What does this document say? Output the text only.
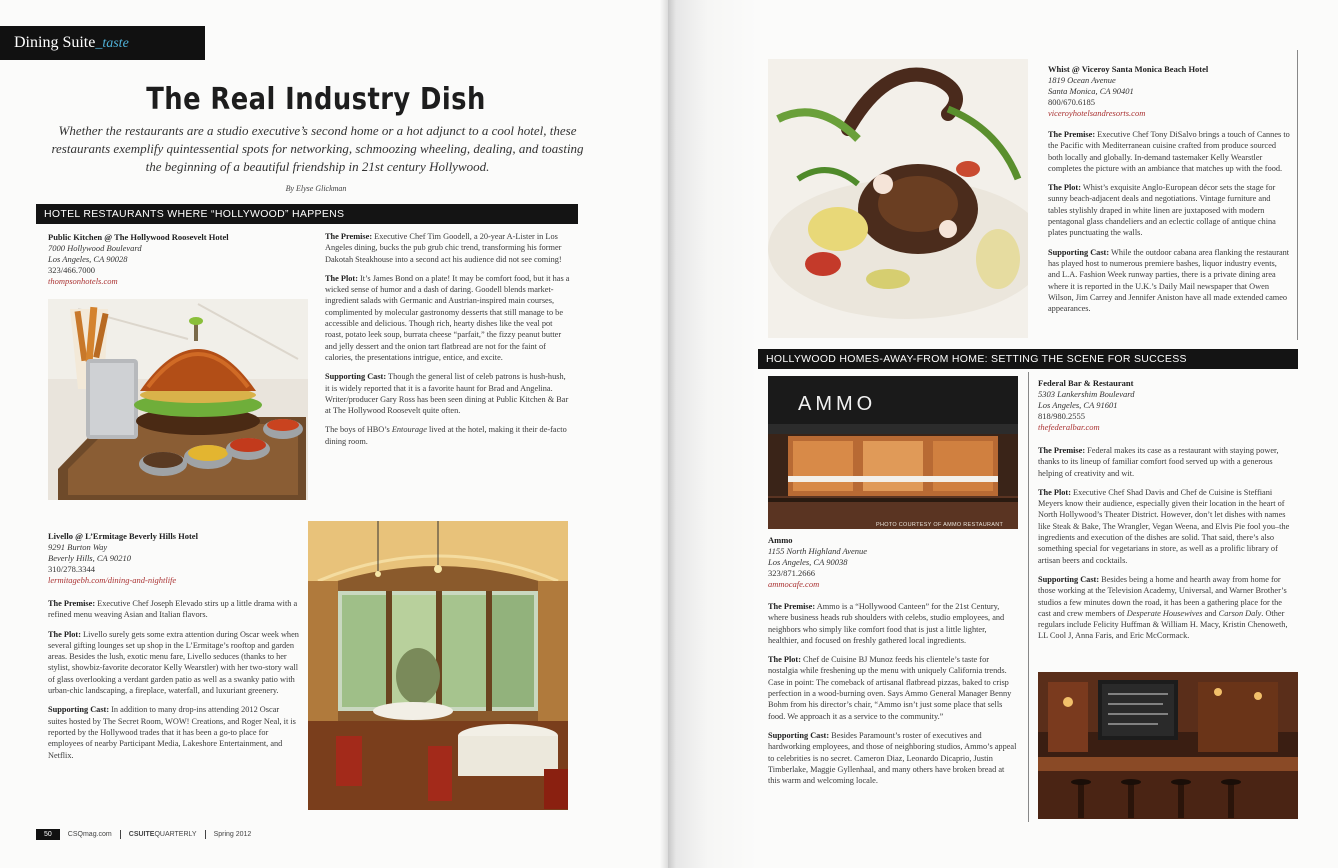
Dining Suite_taste
The Real Industry Dish
Whether the restaurants are a studio executive’s second home or a hot adjunct to a cool hotel, these restaurants exemplify quintessential spots for networking, schmoozing wheeling, dealing, and toasting the beginning of a beautiful friendship in 21st century Hollywood.
By Elyse Glickman
HOTEL RESTAURANTS WHERE “HOLLYWOOD” HAPPENS
Public Kitchen @ The Hollywood Roosevelt Hotel
7000 Hollywood Boulevard
Los Angeles, CA 90028
323/466.7000
thompsonhotels.com

The Premise: Executive Chef Tim Goodell, a 20-year A-Lister in Los Angeles dining, bucks the pub grub chic trend, transforming his former Dakotah Steakhouse into a second act his audience did not see coming!

The Plot: It’s James Bond on a plate! It may be comfort food, but it has a wicked sense of humor and a dash of daring. Goodell blends market-ingredient salads with Germanic and Austrian-inspired main courses, complimented by molecular gastronomy desserts that still manage to be accessible and delicious. Though rich, hearty dishes like the veal pot roast, potato leek soup, burrata cheese “parfait,” the fizzy peanut butter and jelly dessert and the onion tart flatbread are not for the faint of calories, the presentations intrigue, entice, and excite.

Supporting Cast: Though the general list of celeb patrons is hush-hush, it is widely reported that it is a favorite haunt for Brad and Angelina. Writer/producer Gary Ross has been seen dining at Public Kitchen & Bar at The Hollywood Roosevelt quite often.

The boys of HBO’s Entourage lived at the hotel, making it their de-facto dining room.

Livello @ L’Ermitage Beverly Hills Hotel
9291 Burton Way
Beverly Hills, CA 90210
310/278.3344
lermitagebh.com/dining-and-nightlife

The Premise: Executive Chef Joseph Elevado stirs up a little drama with a refined menu weaving Asian and Italian flavors.

The Plot: Livello surely gets some extra attention during Oscar week when several gifting lounges set up shop in the L’Ermitage’s rooftop and garden areas. Besides the lush, exotic menu fare, Livello seduces (thanks to her stylist, showbiz-favorite decorator Kelly Wearstler) with her two-story wall of glass overlooking a verdant garden patio as well as a swanky patio with urban-chic landscaping, a fireplace, waterfall, and luxuriant greenery.

Supporting Cast: In addition to many drop-ins attending 2012 Oscar suites hosted by The Secret Room, WOW! Creations, and Roger Neal, it is reported by the Hollywood trades that it has been a go-to place for employees of nearby Participant Media, Lakeshore Entertainment, and Netflix.

50	CSQmag.com CSUITEQUARTERLY Spring 2012
Whist @ Viceroy Santa Monica Beach Hotel
1819 Ocean Avenue
Santa Monica, CA 90401
800/670.6185
viceroyhotelsandresorts.com

The Premise: Executive Chef Tony DiSalvo brings a touch of Cannes to the Pacific with Mediterranean cuisine crafted from produce sourced both locally and globally. In-demand tastemaker Kelly Wearstler completes the picture with an ambiance that matches up with the food.

The Plot: Whist’s exquisite Anglo-European décor sets the stage for sunny beach-adjacent deals and negotiations. Vintage furniture and tables stylishly draped in white linen are juxtaposed with modern pentagonal glass chandeliers and an eclectic collage of antique china plates punctuating the walls.

Supporting Cast: While the outdoor cabana area flanking the restaurant has played host to numerous premiere bashes, liquor industry events, and L.A. Fashion Week runway parties, there is a private dining area where it is reported in the U.K.’s Daily Mail newspaper that Owen Wilson, Jim Carrey and Jennifer Aniston have all made extended cameo appearances.

HOLLYWOOD HOMES-AWAY-FROM HOME: SETTING THE SCENE FOR SUCCESS
AMMO
PHOTO COURTESY OF AMMO RESTAURANT
Ammo
1155 North Highland Avenue
Los Angeles, CA 90038
323/871.2666
ammocafe.com

The Premise: Ammo is a “Hollywood Canteen” for the 21st Century, where business heads rub shoulders with celebs, studio employees, and neighbors who simply like comfort food that is just a little lighter, healthier, and focused on freshly gathered local ingredients.

The Plot: Chef de Cuisine BJ Munoz feeds his clientele’s taste for nostalgia while freshening up the menu with uniquely California trends. Case in point: The comeback of artisanal flatbread pizzas, baked to crisp perfection in a wood-burning oven. Says Ammo General Manager Benny Bohm from his director’s chair, “Ammo isn’t just some place that sells food. We approach it as a service to the community.”

Supporting Cast: Besides Paramount’s roster of executives and hardworking employees, and those of neighboring studios, Ammo’s appeal to celebrities is no secret. Cameron Diaz, Leonardo Dicaprio, Justin Timberlake, Maggie Gyllenhaal, and many others have broken bread at this warm and welcoming locale.

Federal Bar & Restaurant
5303 Lankershim Boulevard
Los Angeles, CA 91601
818/980.2555
thefederalbar.com

The Premise: Federal makes its case as a restaurant with staying power, thanks to its lineup of familiar comfort food served up with a generous helping of creativity and wit.

The Plot: Executive Chef Shad Davis and Chef de Cuisine is Steffiani Meyers know their audience, especially given their location in the heart of North Hollywood’s Theater District. However, don’t let dishes with names like Steak & Bake, The Wrangler, Vegan Weena, and Elvis Pie fool you–the ingredients and execution of the dishes are solid. That said, there’s also something special for vegetarians in store, as well as a prolific library of artisan beers and cocktails.

Supporting Cast: Besides being a home and hearth away from home for those working at the Television Academy, Universal, and Warner Brother’s studios a few minutes down the road, it has been a gathering place for the cast and crew members of Desperate Housewives and Carson Daly. Other regulars include Felicity Huffman & William H. Macy, Kristin Chenoweth, LL Cool J, Anna Faris, and Eric McCormack.
